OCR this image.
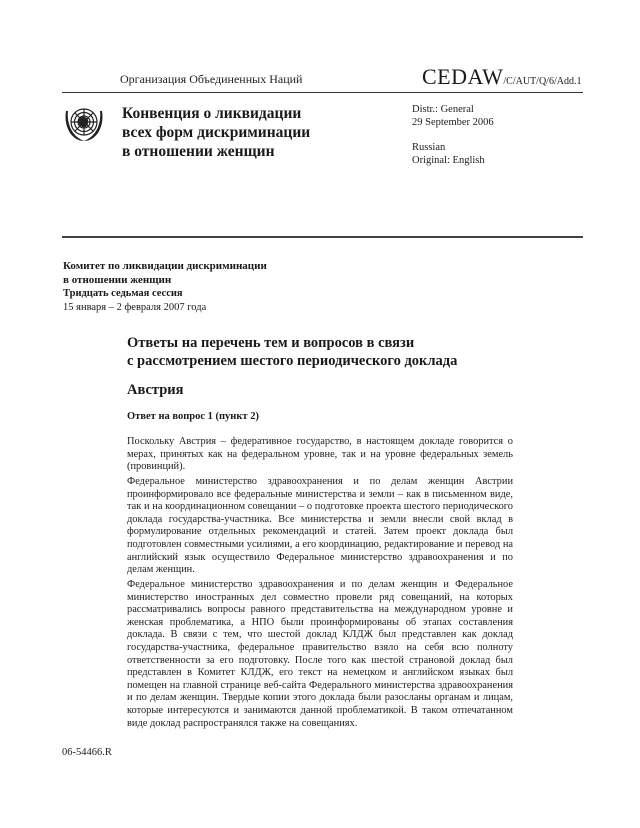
Организация Объединенных Наций	CEDAW/C/AUT/Q/6/Add.1
Конвенция о ликвидации
всех форм дискриминации
в отношении женщин
Distr.: General
29 September 2006
Russian
Original: English
Комитет по ликвидации дискриминации
в отношении женщин
Тридцать седьмая сессия
15 января – 2 февраля 2007 года
Ответы на перечень тем и вопросов в связи
с рассмотрением шестого периодического доклада
Австрия
Ответ на вопрос 1 (пункт 2)
Поскольку Австрия – федеративное государство, в настоящем докладе говорится о мерах, принятых как на федеральном уровне, так и на уровне федеральных земель (провинций).
Федеральное министерство здравоохранения и по делам женщин Австрии проинформировало все федеральные министерства и земли – как в письменном виде, так и на координационном совещании – о подготовке проекта шестого периодического доклада государства-участника. Все министерства и земли внесли свой вклад в формулирование отдельных рекомендаций и статей. Затем проект доклада был подготовлен совместными усилиями, а его координацию, редактирование и перевод на английский язык осуществило Федеральное министерство здравоохранения и по делам женщин.
Федеральное министерство здравоохранения и по делам женщин и Федеральное министерство иностранных дел совместно провели ряд совещаний, на которых рассматривались вопросы равного представительства на международном уровне и женская проблематика, а НПО были проинформированы об этапах составления доклада. В связи с тем, что шестой доклад КЛДЖ был представлен как доклад государства-участника, федеральное правительство взяло на себя всю полноту ответственности за его подготовку. После того как шестой страновой доклад был представлен в Комитет КЛДЖ, его текст на немецком и английском языках был помещен на главной странице веб-сайта Федерального министерства здравоохранения и по делам женщин. Твердые копии этого доклада были разосланы органам и лицам, которые интересуются и занимаются данной проблематикой. В таком отпечатанном виде доклад распространялся также на совещаниях.
06-54466.R
